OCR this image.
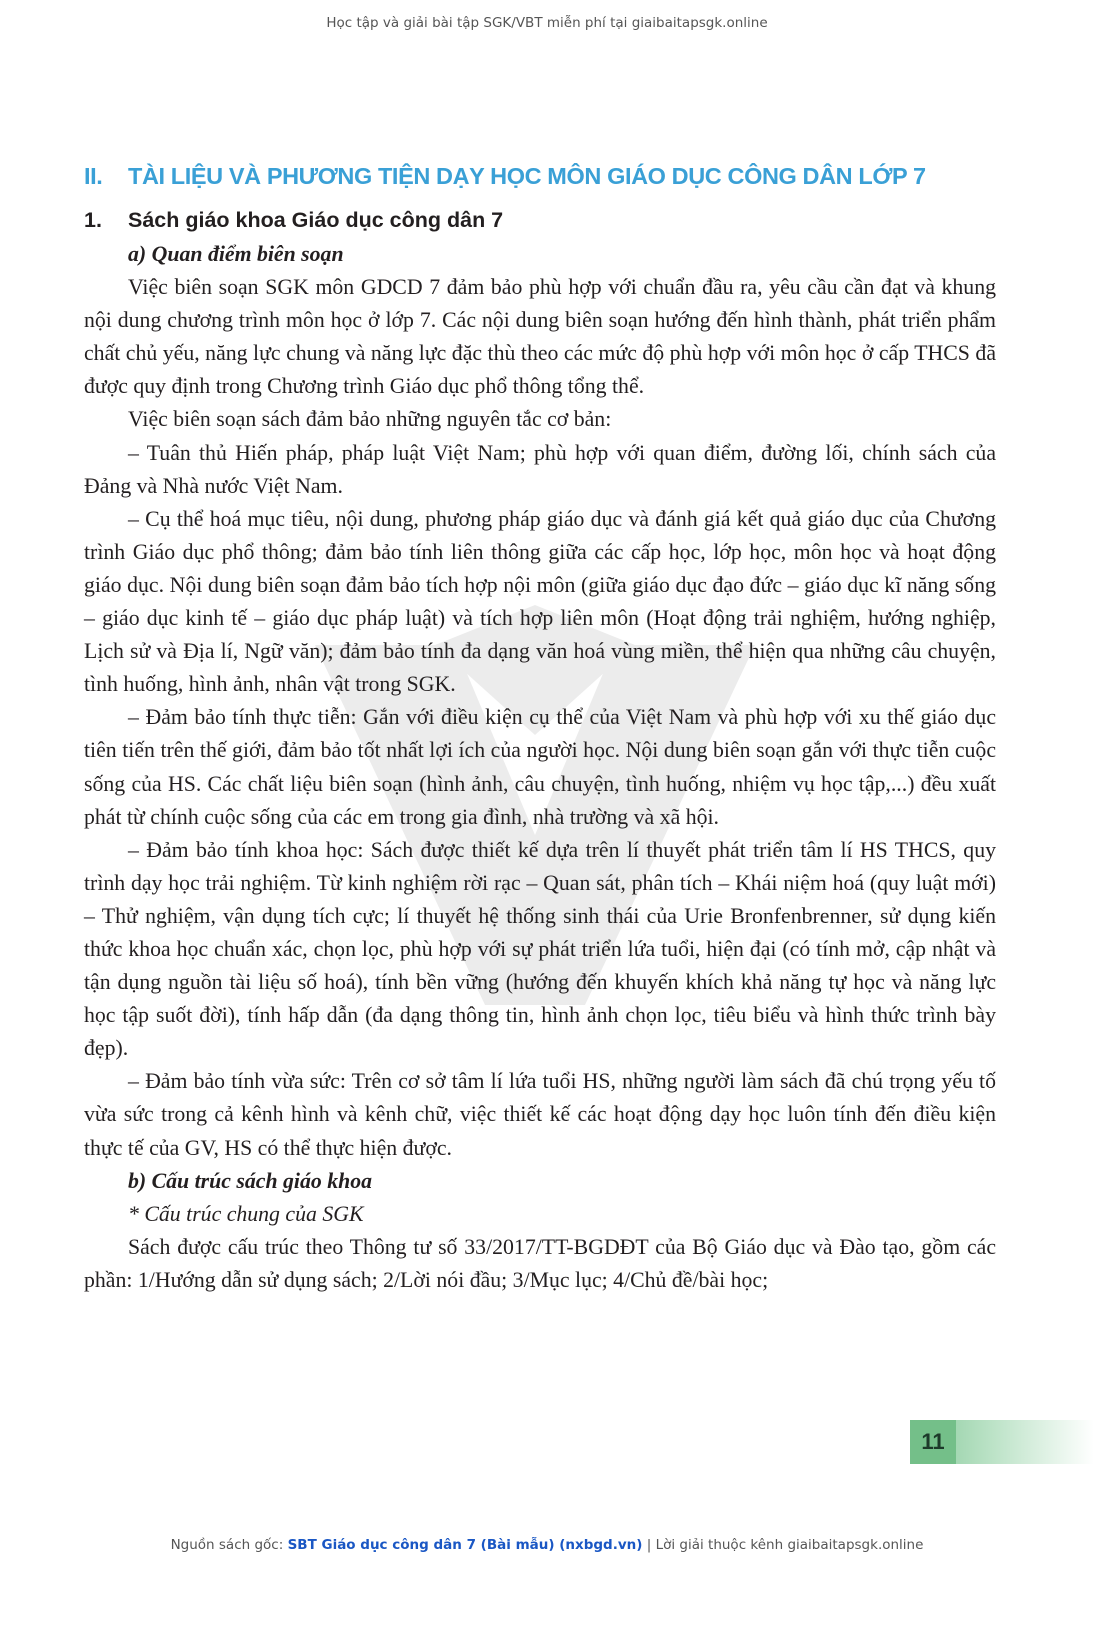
Học tập và giải bài tập SGK/VBT miễn phí tại giaibaitapsgk.online
II. TÀI LIỆU VÀ PHƯƠNG TIỆN DẠY HỌC MÔN GIÁO DỤC CÔNG DÂN LỚP 7
1. Sách giáo khoa Giáo dục công dân 7

a) Quan điểm biên soạn

Việc biên soạn SGK môn GDCD 7 đảm bảo phù hợp với chuẩn đầu ra, yêu cầu cần đạt và khung nội dung chương trình môn học ở lớp 7. Các nội dung biên soạn hướng đến hình thành, phát triển phẩm chất chủ yếu, năng lực chung và năng lực đặc thù theo các mức độ phù hợp với môn học ở cấp THCS đã được quy định trong Chương trình Giáo dục phổ thông tổng thể.

Việc biên soạn sách đảm bảo những nguyên tắc cơ bản:

– Tuân thủ Hiến pháp, pháp luật Việt Nam; phù hợp với quan điểm, đường lối, chính sách của Đảng và Nhà nước Việt Nam.

– Cụ thể hoá mục tiêu, nội dung, phương pháp giáo dục và đánh giá kết quả giáo dục của Chương trình Giáo dục phổ thông; đảm bảo tính liên thông giữa các cấp học, lớp học, môn học và hoạt động giáo dục. Nội dung biên soạn đảm bảo tích hợp nội môn (giữa giáo dục đạo đức – giáo dục kĩ năng sống – giáo dục kinh tế – giáo dục pháp luật) và tích hợp liên môn (Hoạt động trải nghiệm, hướng nghiệp, Lịch sử và Địa lí, Ngữ văn); đảm bảo tính đa dạng văn hoá vùng miền, thể hiện qua những câu chuyện, tình huống, hình ảnh, nhân vật trong SGK.

– Đảm bảo tính thực tiễn: Gắn với điều kiện cụ thể của Việt Nam và phù hợp với xu thế giáo dục tiên tiến trên thế giới, đảm bảo tốt nhất lợi ích của người học. Nội dung biên soạn gắn với thực tiễn cuộc sống của HS. Các chất liệu biên soạn (hình ảnh, câu chuyện, tình huống, nhiệm vụ học tập,...) đều xuất phát từ chính cuộc sống của các em trong gia đình, nhà trường và xã hội.

– Đảm bảo tính khoa học: Sách được thiết kế dựa trên lí thuyết phát triển tâm lí HS THCS, quy trình dạy học trải nghiệm. Từ kinh nghiệm rời rạc – Quan sát, phân tích – Khái niệm hoá (quy luật mới) – Thử nghiệm, vận dụng tích cực; lí thuyết hệ thống sinh thái của Urie Bronfenbrenner, sử dụng kiến thức khoa học chuẩn xác, chọn lọc, phù hợp với sự phát triển lứa tuổi, hiện đại (có tính mở, cập nhật và tận dụng nguồn tài liệu số hoá), tính bền vững (hướng đến khuyến khích khả năng tự học và năng lực học tập suốt đời), tính hấp dẫn (đa dạng thông tin, hình ảnh chọn lọc, tiêu biểu và hình thức trình bày đẹp).

– Đảm bảo tính vừa sức: Trên cơ sở tâm lí lứa tuổi HS, những người làm sách đã chú trọng yếu tố vừa sức trong cả kênh hình và kênh chữ, việc thiết kế các hoạt động dạy học luôn tính đến điều kiện thực tế của GV, HS có thể thực hiện được.

b) Cấu trúc sách giáo khoa

* Cấu trúc chung của SGK

Sách được cấu trúc theo Thông tư số 33/2017/TT-BGDĐT của Bộ Giáo dục và Đào tạo, gồm các phần: 1/Hướng dẫn sử dụng sách; 2/Lời nói đầu; 3/Mục lục; 4/Chủ đề/bài học;

11
Nguồn sách gốc: SBT Giáo dục công dân 7 (Bài mẫu) (nxbgd.vn) | Lời giải thuộc kênh giaibaitapsgk.online
